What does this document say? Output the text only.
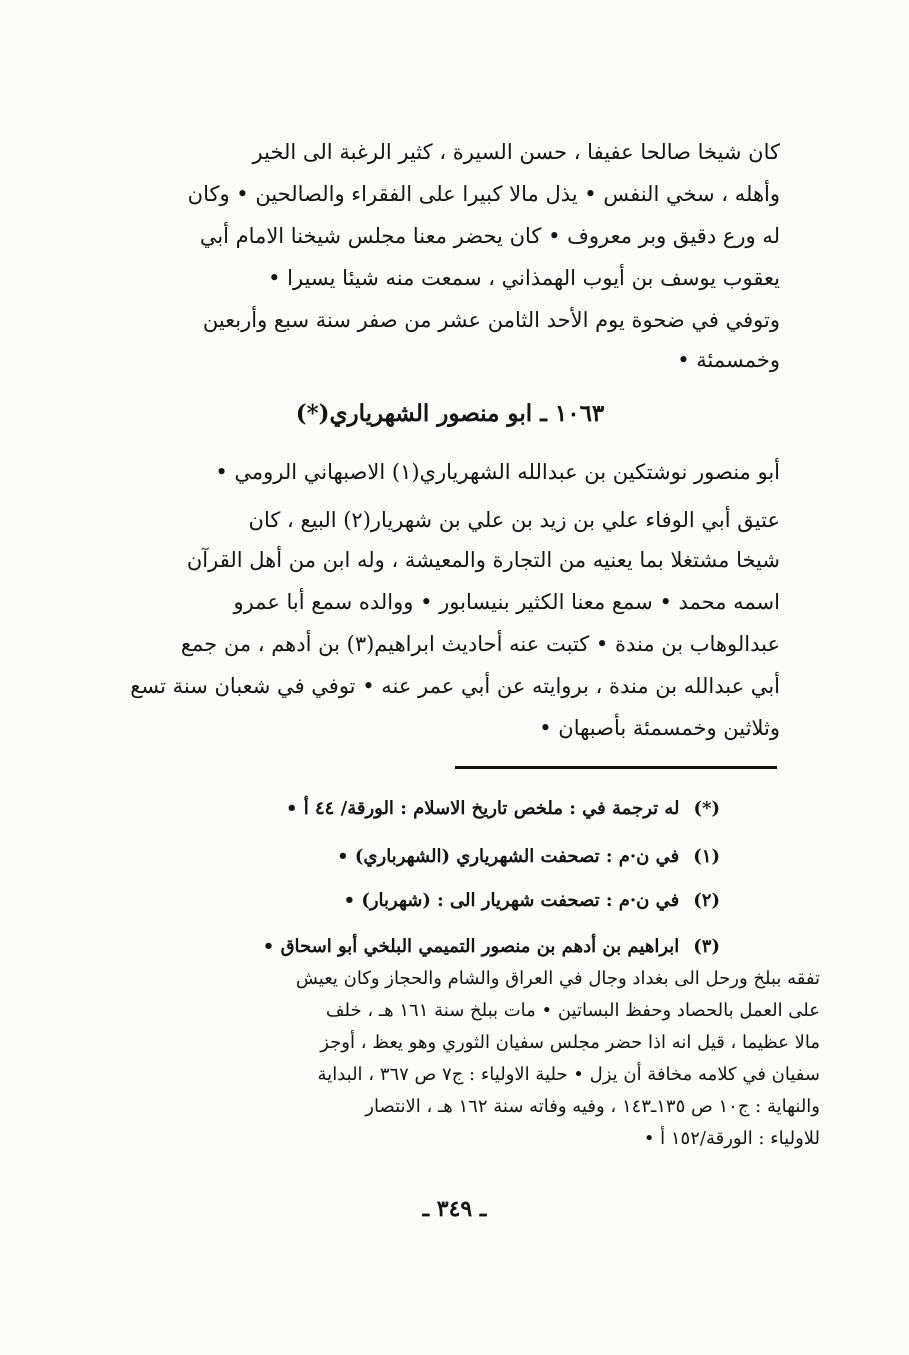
كان شيخا صالحا عفيفا ، حسن السيرة ، كثير الرغبة الى الخير

وأهله ، سخي النفس • يذل مالا كبيرا على الفقراء والصالحين • وكان

له ورع دقيق وبر معروف • كان يحضر معنا مجلس شيخنا الامام أبي

يعقوب يوسف بن أيوب الهمذاني ، سمعت منه شيئا يسيرا •

وتوفي في ضحوة يوم الأحد الثامن عشر من صفر سنة سبع وأربعين

وخمسمئة •

١٠٦٣ ـ ابو منصور الشهرياري(*)

أبو منصور نوشتكين بن عبدالله الشهرياري(١) الاصبهاني الرومي •

عتيق أبي الوفاء علي بن زيد بن علي بن شهريار(٢) البيع ، كان

شيخا مشتغلا بما يعنيه من التجارة والمعيشة ، وله ابن من أهل القرآن

اسمه محمد • سمع معنا الكثير بنيسابور • ووالده سمع أبا عمرو

عبدالوهاب بن مندة • كتبت عنه أحاديث ابراهيم(٣) بن أدهم ، من جمع

أبي عبدالله بن مندة ، بروايته عن أبي عمر عنه • توفي في شعبان سنة تسع

وثلاثين وخمسمئة بأصبهان •

(*)له ترجمة في : ملخص تاريخ الاسلام : الورقة/ ٤٤ أ •

(١)في ن·م : تصحفت الشهرياري (الشهرباري) •

(٢)في ن·م : تصحفت شهريار الى : (شهربار) •

(٣)ابراهيم بن أدهم بن منصور التميمي البلخي أبو اسحاق •

تفقه ببلخ ورحل الى بغداد وجال في العراق والشام والحجاز وكان يعيش

على العمل بالحصاد وحفظ البساتين • مات ببلخ سنة ١٦١ هـ ، خلف

مالا عظيما ، قيل انه اذا حضر مجلس سفيان الثوري وهو يعظ ، أوجز

سفيان في كلامه مخافة أن يزل • حلية الاولياء : ج٧ ص ٣٦٧ ، البداية

والنهاية : ج١٠ ص ١٣٥ـ١٤٣ ، وفيه وفاته سنة ١٦٢ هـ ، الانتصار

للاولياء : الورقة/١٥٢ أ •

ـ ٣٤٩ ـ
